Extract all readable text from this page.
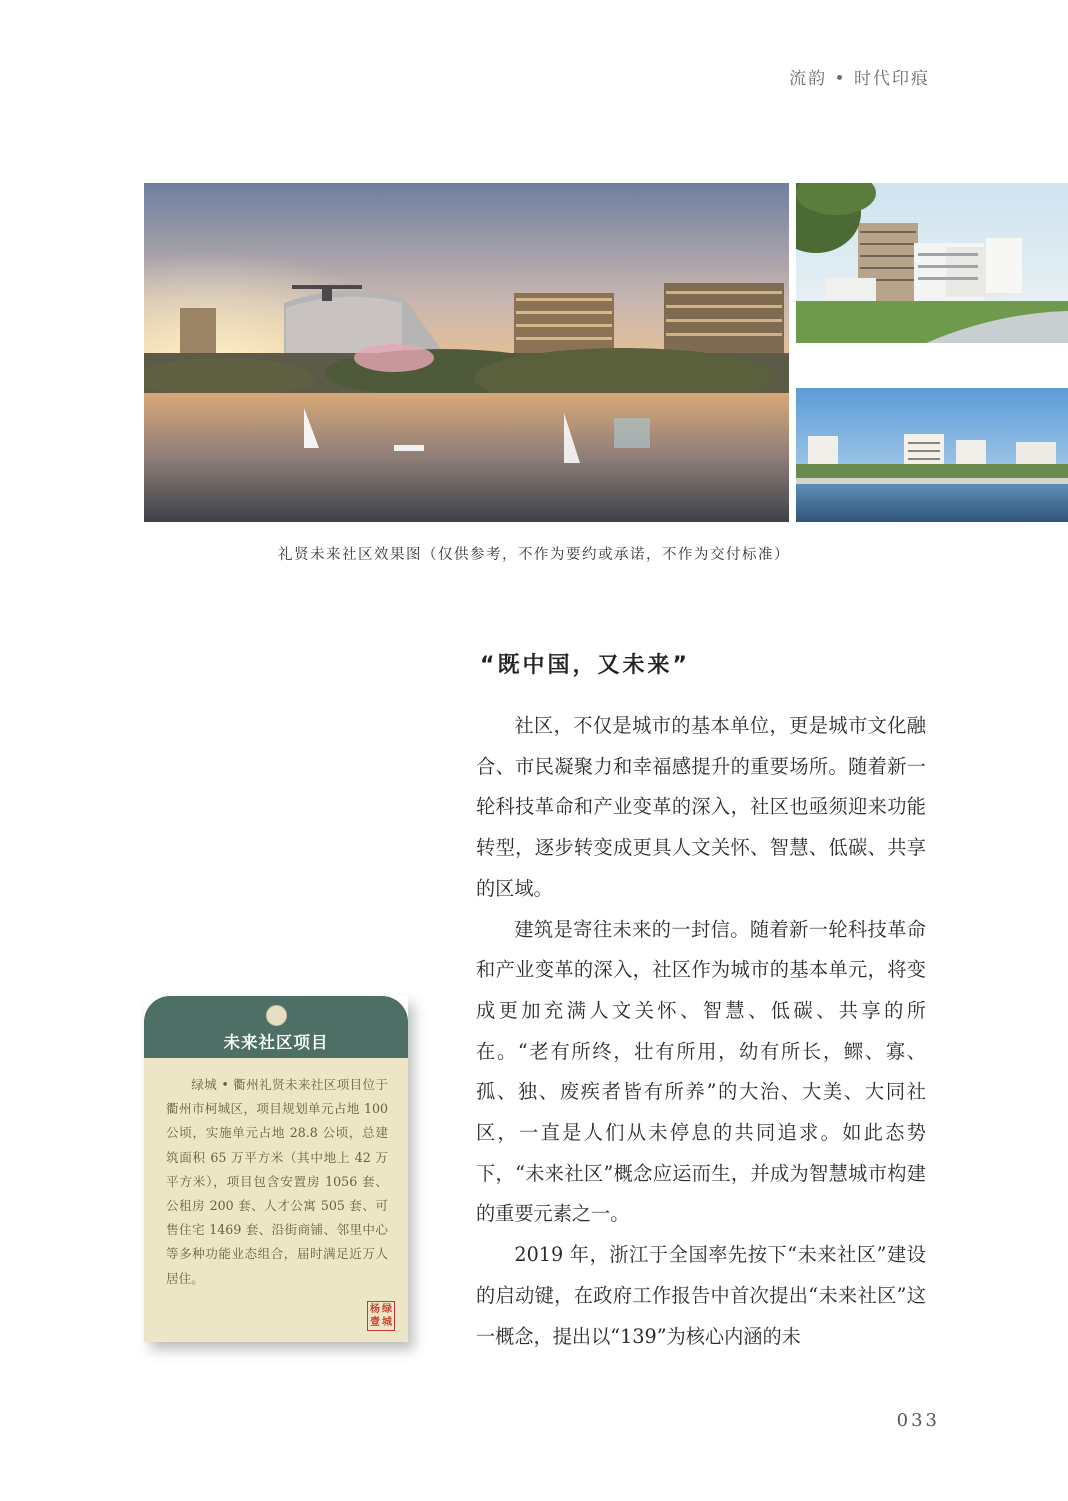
流韵 • 时代印痕
礼贤未来社区效果图（仅供参考，不作为要约或承诺，不作为交付标准）
“既中国，又未来”

社区，不仅是城市的基本单位，更是城市文化融合、市民凝聚力和幸福感提升的重要场所。随着新一轮科技革命和产业变革的深入，社区也亟须迎来功能转型，逐步转变成更具人文关怀、智慧、低碳、共享的区域。

建筑是寄往未来的一封信。随着新一轮科技革命和产业变革的深入，社区作为城市的基本单元，将变成更加充满人文关怀、智慧、低碳、共享的所在。“老有所终，壮有所用，幼有所长，鳏、寡、孤、独、废疾者皆有所养”的大治、大美、大同社区，一直是人们从未停息的共同追求。如此态势下，“未来社区”概念应运而生，并成为智慧城市构建的重要元素之一。

2019 年，浙江于全国率先按下“未来社区”建设的启动键，在政府工作报告中首次提出“未来社区”这一概念，提出以“139”为核心内涵的未

未来社区项目

绿城 • 衢州礼贤未来社区项目位于衢州市柯城区，项目规划单元占地 100 公顷，实施单元占地 28.8 公顷，总建筑面积 65 万平方米（其中地上 42 万平方米），项目包含安置房 1056 套、公租房 200 套、人才公寓 505 套、可售住宅 1469 套、沿街商铺、邻里中心等多种功能业态组合，届时满足近万人居住。

杨 绿
壹 城
033
